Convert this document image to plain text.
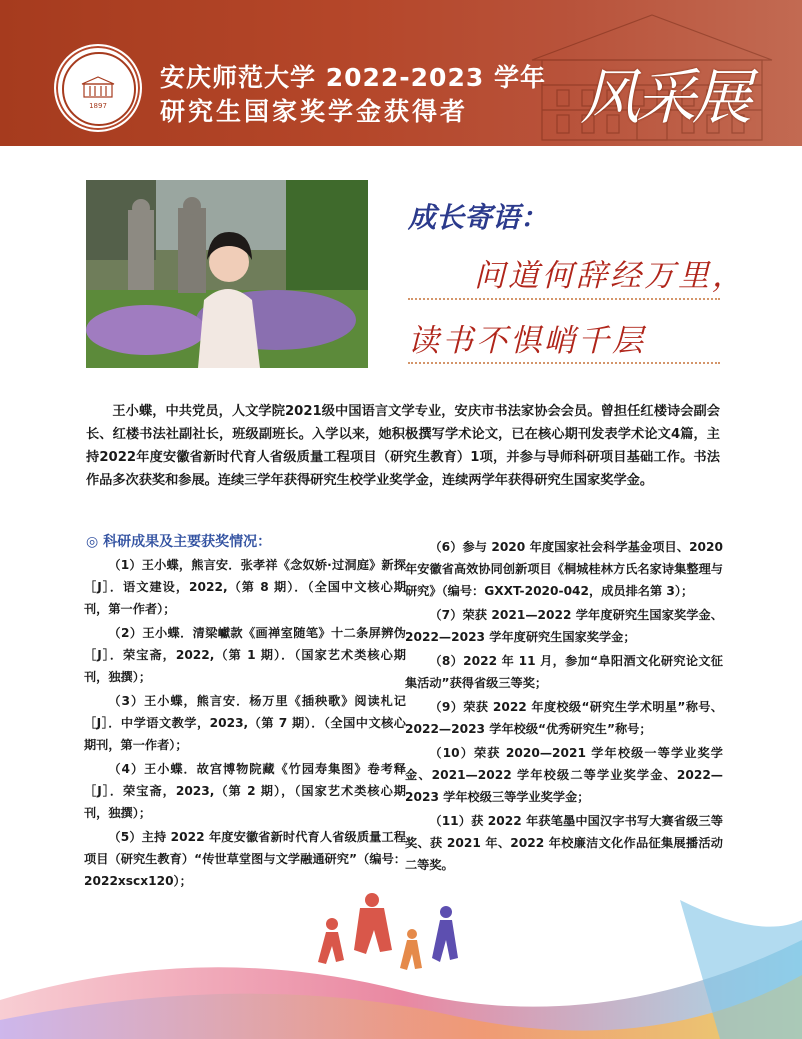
1897
安庆师范大学 2022-2023 学年
研究生国家奖学金获得者 风采展
成长寄语：
问道何辞经万里，
读书不惧峭千层
王小蝶，中共党员，人文学院2021级中国语言文学专业，安庆市书法家协会会员。曾担任红楼诗会副会长、红楼书法社副社长，班级副班长。入学以来，她积极撰写学术论文，已在核心期刊发表学术论文4篇，主持2022年度安徽省新时代育人省级质量工程项目（研究生教育）1项，并参与导师科研项目基础工作。书法作品多次获奖和参展。连续三学年获得研究生校学业奖学金，连续两学年获得研究生国家奖学金。
◎ 科研成果及主要获奖情况：

（1）王小蝶，熊言安．张孝祥《念奴娇·过洞庭》新探［J］．语文建设，2022,（第 8 期）．（全国中文核心期刊，第一作者）；

（2）王小蝶．清梁巘款《画禅室随笔》十二条屏辨伪［J］．荣宝斋，2022,（第 1 期）．（国家艺术类核心期刊，独撰）；

（3）王小蝶，熊言安．杨万里《插秧歌》阅读札记［J］．中学语文教学，2023,（第 7 期）．（全国中文核心期刊，第一作者）；

（4）王小蝶．故宫博物院藏《竹园寿集图》卷考释［J］．荣宝斋，2023,（第 2 期），（国家艺术类核心期刊，独撰）；

（5）主持 2022 年度安徽省新时代育人省级质量工程项目（研究生教育）“传世草堂图与文学融通研究”（编号：2022xscx120）；

（6）参与 2020 年度国家社会科学基金项目、2020 年安徽省高效协同创新项目《桐城桂林方氏名家诗集整理与研究》（编号：GXXT-2020-042，成员排名第 3）；

（7）荣获 2021—2022 学年度研究生国家奖学金、2022—2023 学年度研究生国家奖学金；

（8）2022 年 11 月，参加“阜阳酒文化研究论文征集活动”获得省级三等奖；

（9）荣获 2022 年度校级“研究生学术明星”称号、2022—2023 学年校级“优秀研究生”称号；

（10）荣获 2020—2021 学年校级一等学业奖学金、2021—2022 学年校级二等学业奖学金、2022—2023 学年校级三等学业奖学金；

（11）获 2022 年获笔墨中国汉字书写大赛省级三等奖、获 2021 年、2022 年校廉洁文化作品征集展播活动二等奖。
